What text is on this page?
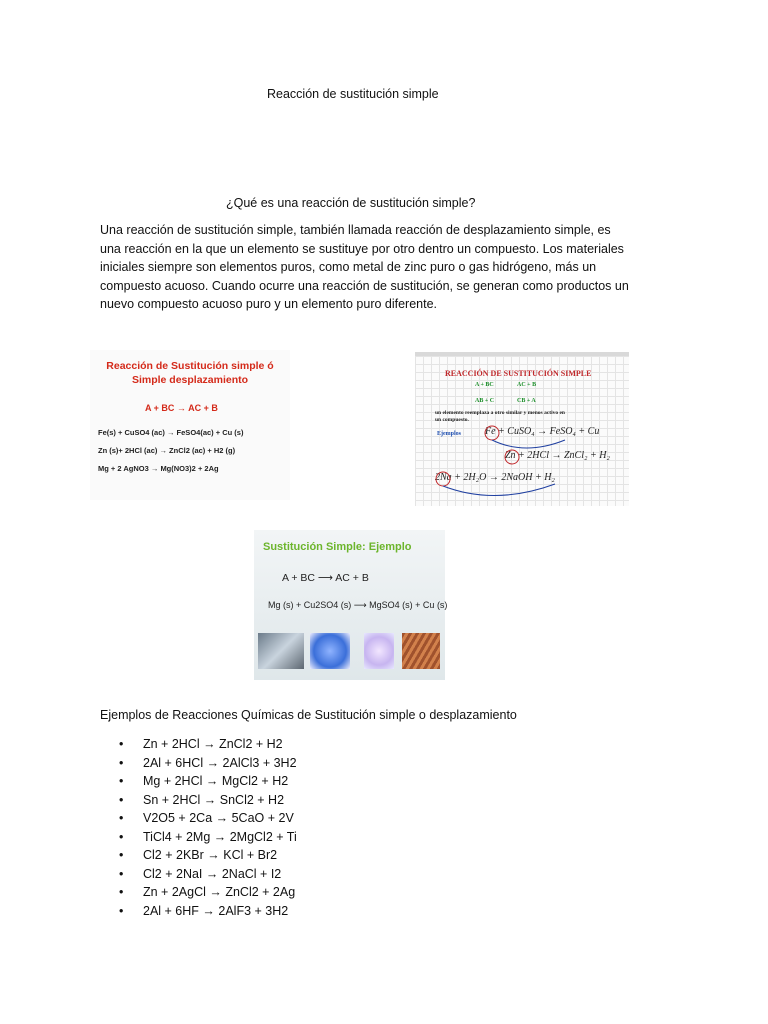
Reacción de sustitución simple
¿Qué es una reacción de sustitución simple?
Una reacción de sustitución simple, también llamada reacción de desplazamiento simple, es
una reacción en la que un elemento se sustituye por otro dentro un compuesto. Los materiales
iniciales siempre son elementos puros, como metal de zinc puro o gas hidrógeno, más un
compuesto acuoso. Cuando ocurre una reacción de sustitución, se generan como productos un
nuevo compuesto acuoso puro y un elemento puro diferente.
Reacción de Sustitución simple ó
Simple desplazamiento
A + BC → AC + B
Fe(s) + CuSO4 (ac) → FeSO4(ac) + Cu (s)
Zn (s)+ 2HCl (ac) → ZnCl2 (ac) + H2 (g)
Mg + 2 AgNO3 → Mg(NO3)2 + 2Ag
REACCIÓN DE SUSTITUCIÓN SIMPLE
A + BC	AC + B
AB + C	CB + A
un elemento reemplaza a otro similar y menos activo en
un compuesto.
Ejemplos Fe + CuSO₄ → FeSO₄ + Cu
Zn + 2HCl → ZnCl₂ + H₂
2Na + 2H₂O → 2NaOH + H₂
Sustitución Simple: Ejemplo
A + BC ⟶ AC + B
Mg (s) + Cu2SO4 (s) ⟶ MgSO4 (s) + Cu (s)
Ejemplos de Reacciones Químicas de Sustitución simple o desplazamiento
• Zn + 2HCl → ZnCl2 + H2
• 2Al + 6HCl → 2AlCl3 + 3H2
• Mg + 2HCl → MgCl2 + H2
• Sn + 2HCl → SnCl2 + H2
• V2O5 + 2Ca → 5CaO + 2V
• TiCl4 + 2Mg → 2MgCl2 + Ti
• Cl2 + 2KBr → KCl + Br2
• Cl2 + 2NaI → 2NaCl + I2
• Zn + 2AgCl → ZnCl2 + 2Ag
• 2Al + 6HF → 2AlF3 + 3H2
